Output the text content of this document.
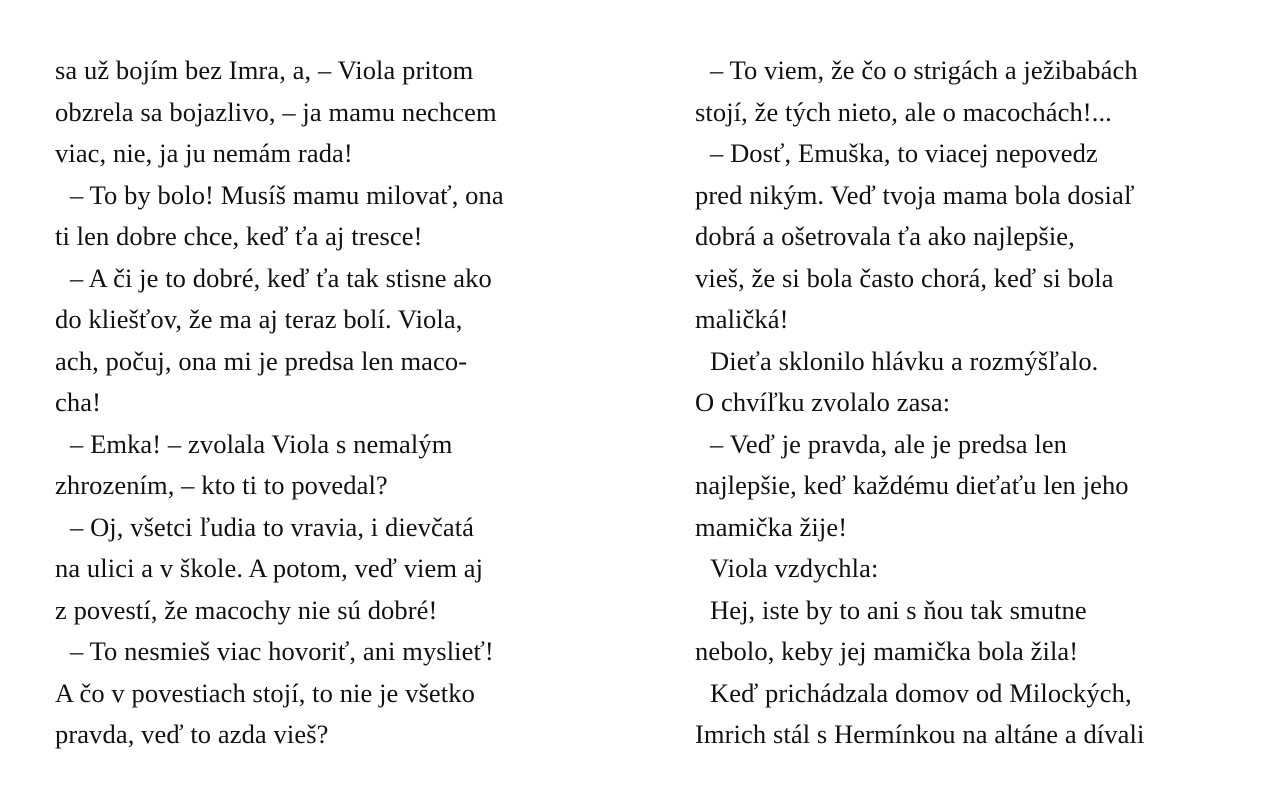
sa už bojím bez Imra, a, – Viola pritom
obzrela sa bojazlivo, – ja mamu nechcem
viac, nie, ja ju nemám rada!
– To by bolo! Musíš mamu milovať, ona
ti len dobre chce, keď ťa aj tresce!
– A či je to dobré, keď ťa tak stisne ako
do kliešťov, že ma aj teraz bolí. Viola,
ach, počuj, ona mi je predsa len maco-
cha!
– Emka! – zvolala Viola s nemalým
zhrozením, – kto ti to povedal?
– Oj, všetci ľudia to vravia, i dievčatá
na ulici a v škole. A potom, veď viem aj
z povestí, že macochy nie sú dobré!
– To nesmieš viac hovoriť, ani myslieť!
A čo v povestiach stojí, to nie je všetko
pravda, veď to azda vieš?
– To viem, že čo o strigách a ježibabách
stojí, že tých nieto, ale o macochách!...
– Dosť, Emuška, to viacej nepovedz
pred nikým. Veď tvoja mama bola dosiaľ
dobrá a ošetrovala ťa ako najlepšie,
vieš, že si bola často chorá, keď si bola
maličká!
Dieťa sklonilo hlávku a rozmýšľalo.
O chvíľku zvolalo zasa:
– Veď je pravda, ale je predsa len
najlepšie, keď každému dieťaťu len jeho
mamička žije!
Viola vzdychla:
Hej, iste by to ani s ňou tak smutne
nebolo, keby jej mamička bola žila!
Keď prichádzala domov od Milockých,
Imrich stál s Hermínkou na altáne a dívali
